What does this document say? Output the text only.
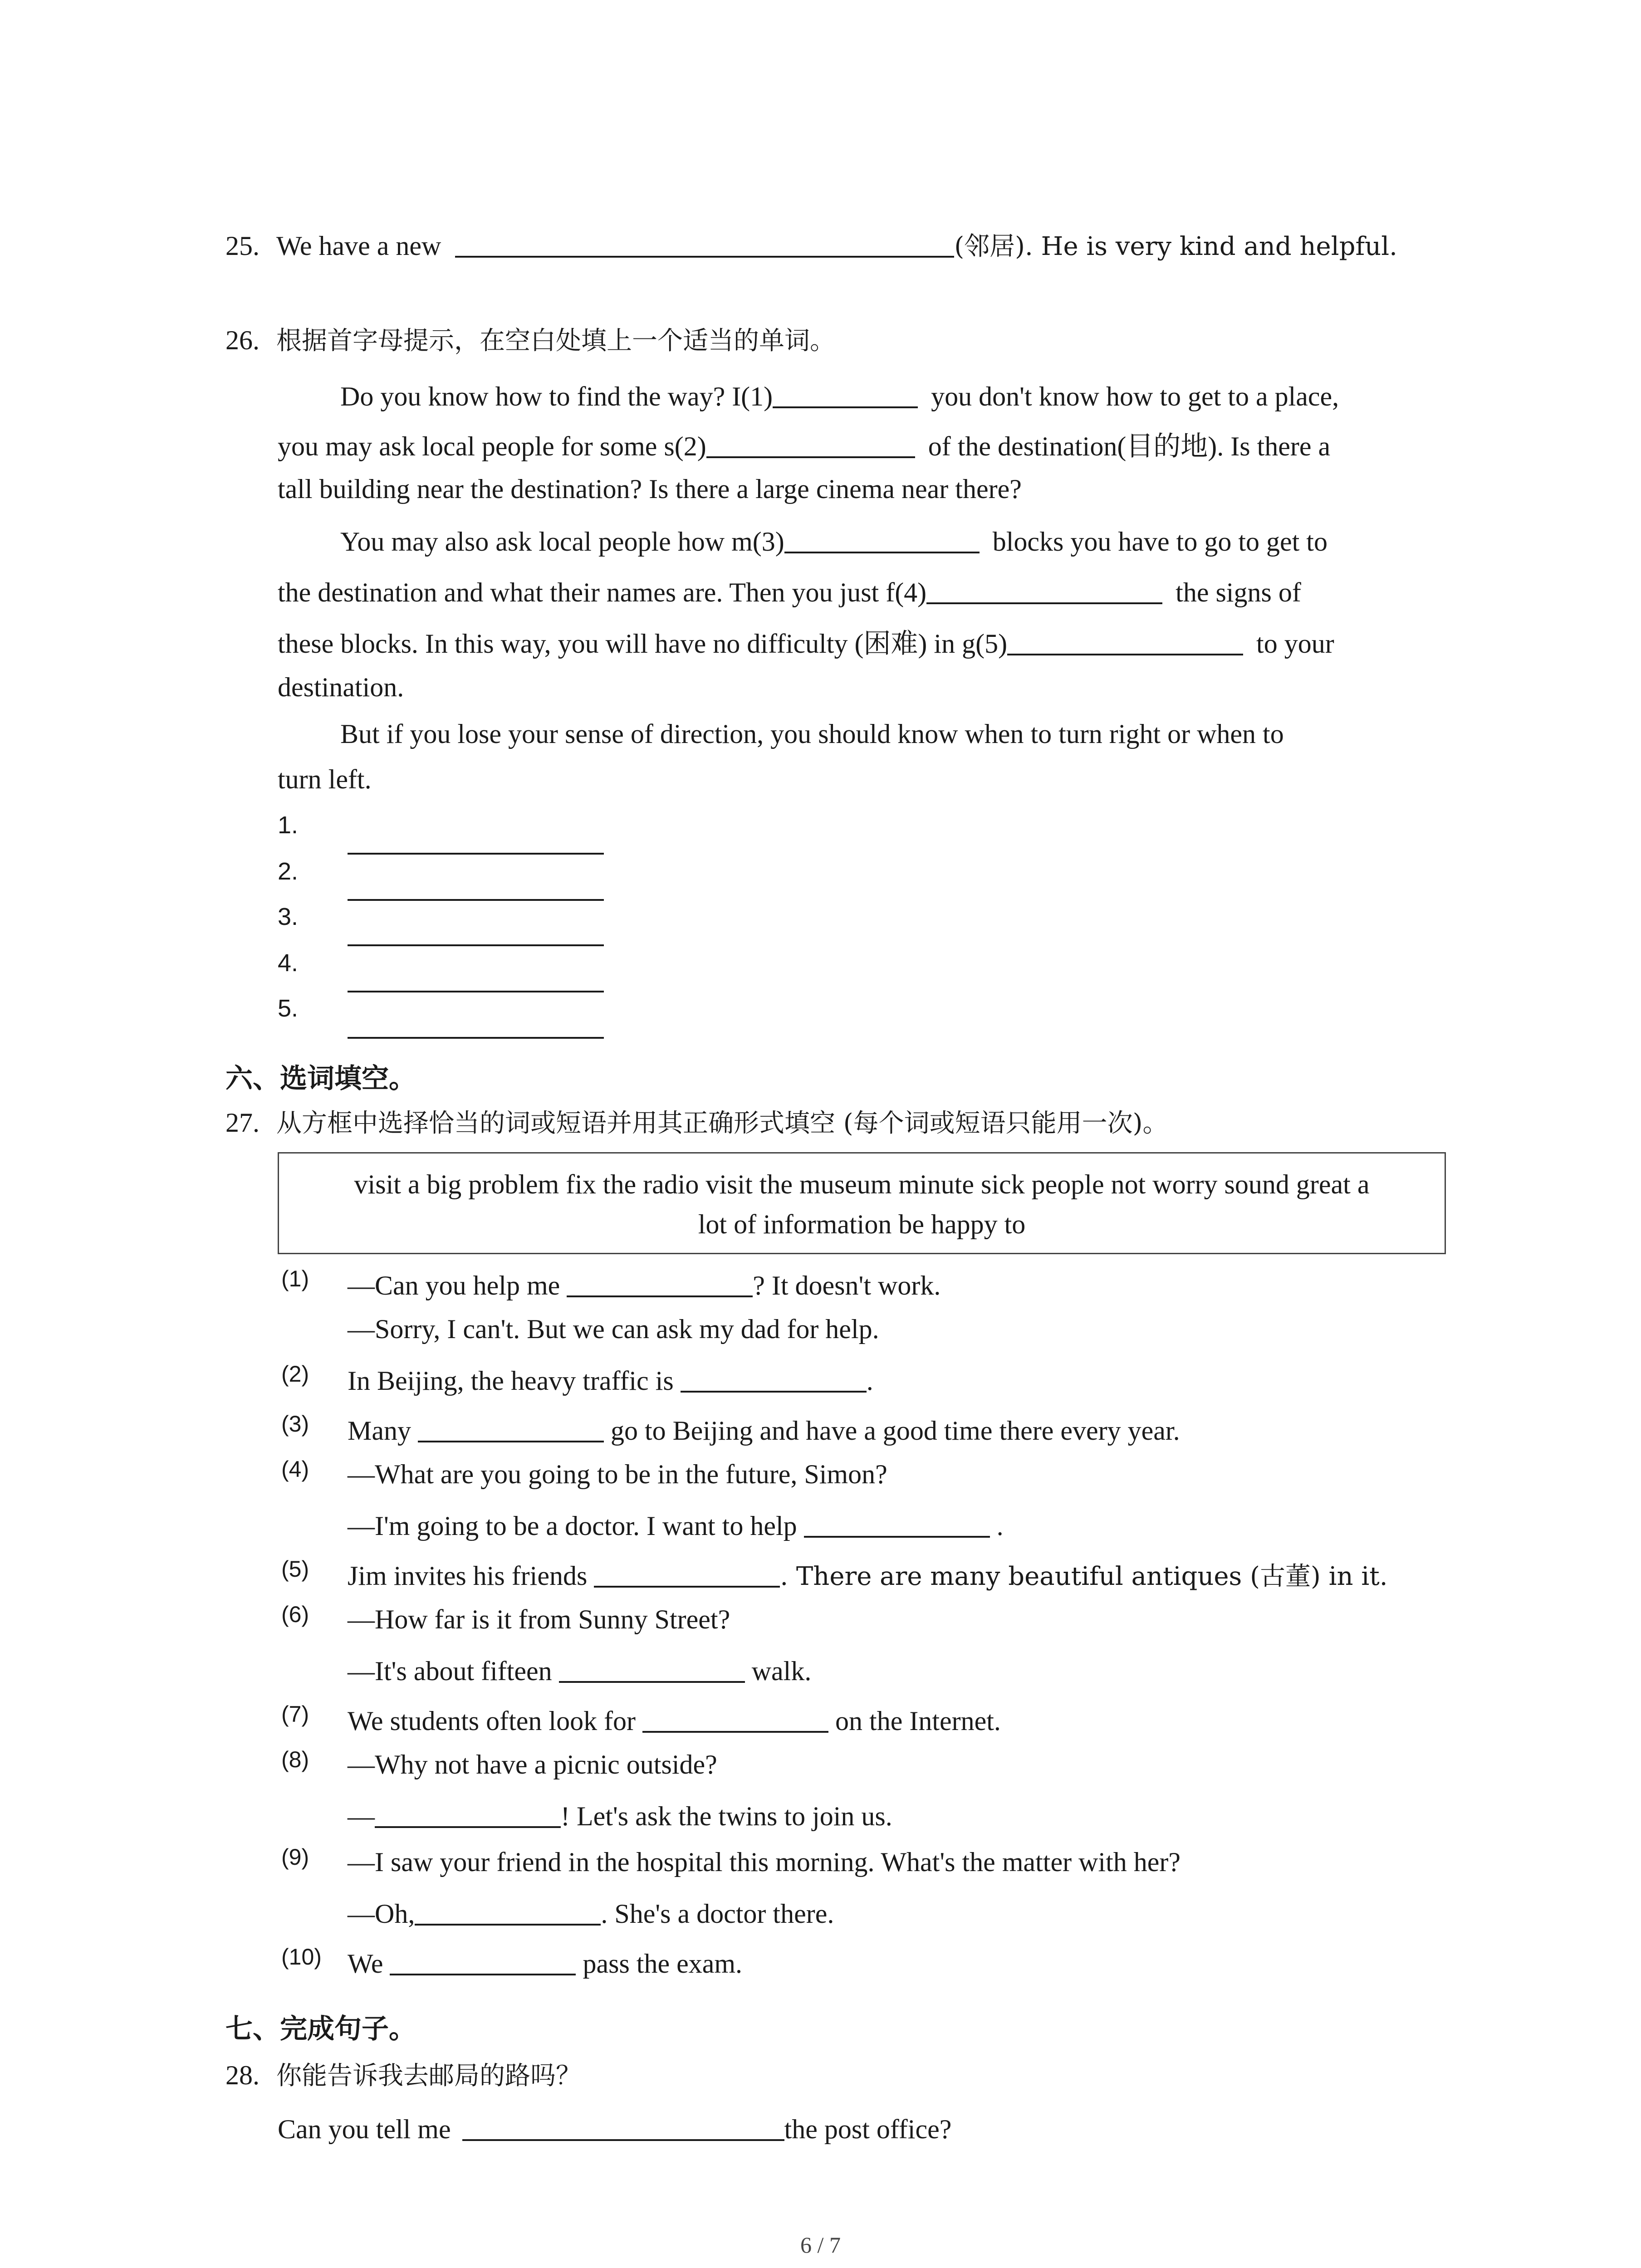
25. We have a new	(邻居). He is very kind and helpful.
26. 根据首字母提示，在空白处填上一个适当的单词。
Do you know how to find the way? I(1)	you don't know how to get to a place,
you may ask local people for some s(2)	of the destination(目的地). Is there a
tall building near the destination? Is there a large cinema near there?
You may also ask local people how m(3)	blocks you have to go to get to
the destination and what their names are. Then you just f(4)	the signs of
these blocks. In this way, you will have no difficulty (困难) in g(5)	to your
destination.
But if you lose your sense of direction, you should know when to turn right or when to
turn left.
1.
2.
3.
4.
5.
六、选词填空。
27. 从方框中选择恰当的词或短语并用其正确形式填空 (每个词或短语只能用一次)。
visit a big problem fix the radio visit the museum minute sick people not worry sound great a
lot of information be happy to
(1) —Can you help me	? It doesn't work.
—Sorry, I can't. But we can ask my dad for help.
(2) In Beijing, the heavy traffic is	.
(3) Many	go to Beijing and have a good time there every year.
(4) —What are you going to be in the future, Simon?
—I'm going to be a doctor. I want to help	.
(5) Jim invites his friends	. There are many beautiful antiques (古董) in it.
(6) —How far is it from Sunny Street?
—It's about fifteen	walk.
(7) We students often look for	on the Internet.
(8) —Why not have a picnic outside?
—	! Let's ask the twins to join us.
(9) —I saw your friend in the hospital this morning. What's the matter with her?
—Oh,	. She's a doctor there.
(10) We	pass the exam.
七、完成句子。
28. 你能告诉我去邮局的路吗？
Can you tell me	the post office?
6 / 7
